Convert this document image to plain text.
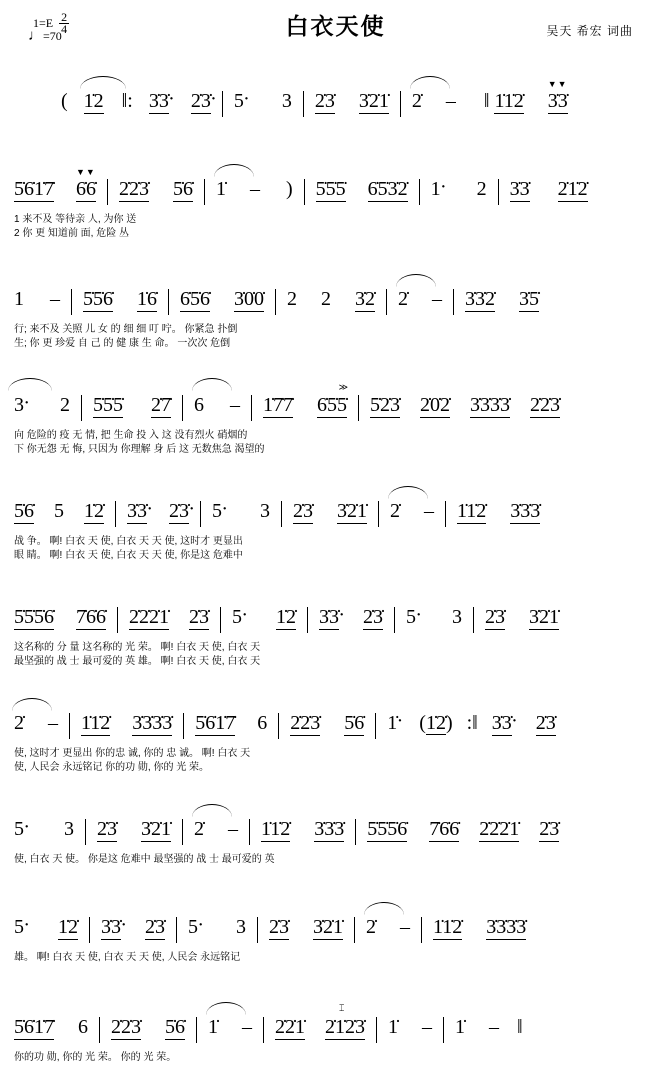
白衣天使	吴天 希宏 词曲
$1=E \frac{2}{4}$
♩=70
( 1̇2 ‖: 3̇3̇ · 2̇3̇ · 5 · 3 2̇3̇ 3̇2̇1̇ 2̇ – ‖ 1̇1̇2̇ 3̇3̇
▼▼
5̇6̇1̇7̇ 6̇6̇
▼▼
2̇2̇3̇ 5̇6̇ 1̇ – ) 5̇5̇5̇ 6̇5̇3̇2̇ 1 · 2 3̇3̇ 2̇1̇2̇
1 来不及 等待亲 人, 为你 送
2 你 更 知道前 面, 危险 丛
1 – 5̇5̇6̇ 1̇6̇ 6̇5̇6̇ 3̇0̇0̇ 2 2 3̇2̇ 2̇ – 3̇3̇2̇ 3̇5̇
行; 来不及 关照 儿 女 的 细 细 叮 咛。 你紧急 扑倒
生; 你 更 珍爱 自 己 的 健 康 生 命。 一次次 危倒
3
· 2 5̇5̇5̇ 2̇7̇ 6 – 1̇7̇7̇ 6̇5̇5̇
≫
5̇2̇3̇ 2̇0̇2̇ 3̇3̇3̇3̇ 2̇2̇3̇
向 危险的 疫 无 情, 把 生命 投 入 这 没有烈火 硝烟的
下 你无怨 无 悔, 只因为 你理解 身 后 这 无数焦急 渴望的
5̇6̇ 5 1̇2̇ 3̇3̇ · 2̇3̇ · 5 · 3 2̇3̇ 3̇2̇1̇ 2̇ – 1̇1̇2̇ 3̇3̇3̇
战 争。 啊! 白衣 天 使, 白衣 天 天 使, 这时才 更显出
眼 睛。 啊! 白衣 天 使, 白衣 天 天 使, 你是这 危难中
5̇5̇5̇6̇ 7̇6̇6̇ 2̇2̇2̇1̇ 2̇3̇ 5 · 1̇2̇ 3̇3̇ · 2̇3̇ 5 · 3 2̇3̇ 3̇2̇1̇
这名称的 分 量 这名称的 光 荣。 啊! 白衣 天 使, 白衣 天
最坚强的 战 士 最可爱的 英 雄。 啊! 白衣 天 使, 白衣 天
2̇ – 1̇1̇2̇ 3̇3̇3̇3̇ 5̇6̇1̇7̇ 6 2̇2̇3̇ 5̇6̇ 1̇ · (1̇2̇) :‖ 3̇3̇ · 2̇3̇
使, 这时才 更显出 你的忠 诚, 你的 忠 诚。 啊! 白衣 天
使, 人民会 永远铭记 你的功 勋, 你的 光 荣。
5 · 3 2̇3̇ 3̇2̇1̇ 2̇ – 1̇1̇2̇ 3̇3̇3̇ 5̇5̇5̇6̇ 7̇6̇6̇ 2̇2̇2̇1̇ 2̇3̇
使, 白衣 天 使。 你是这 危难中 最坚强的 战 士 最可爱的 英
5 · 1̇2̇ 3̇3̇ · 2̇3̇ 5 · 3 2̇3̇ 3̇2̇1̇ 2̇ – 1̇1̇2̇ 3̇3̇3̇3̇
雄。 啊! 白衣 天 使, 白衣 天 天 使, 人民会 永远铭记
5̇6̇1̇7̇ 6 2̇2̇3̇ 5̇6̇ 1̇ – 2̇2̇1̇ 2̇1̇2̇3̇
⌶
1̇ – 1̇ – ‖
你的功 勋, 你的 光 荣。 你的 光 荣。
